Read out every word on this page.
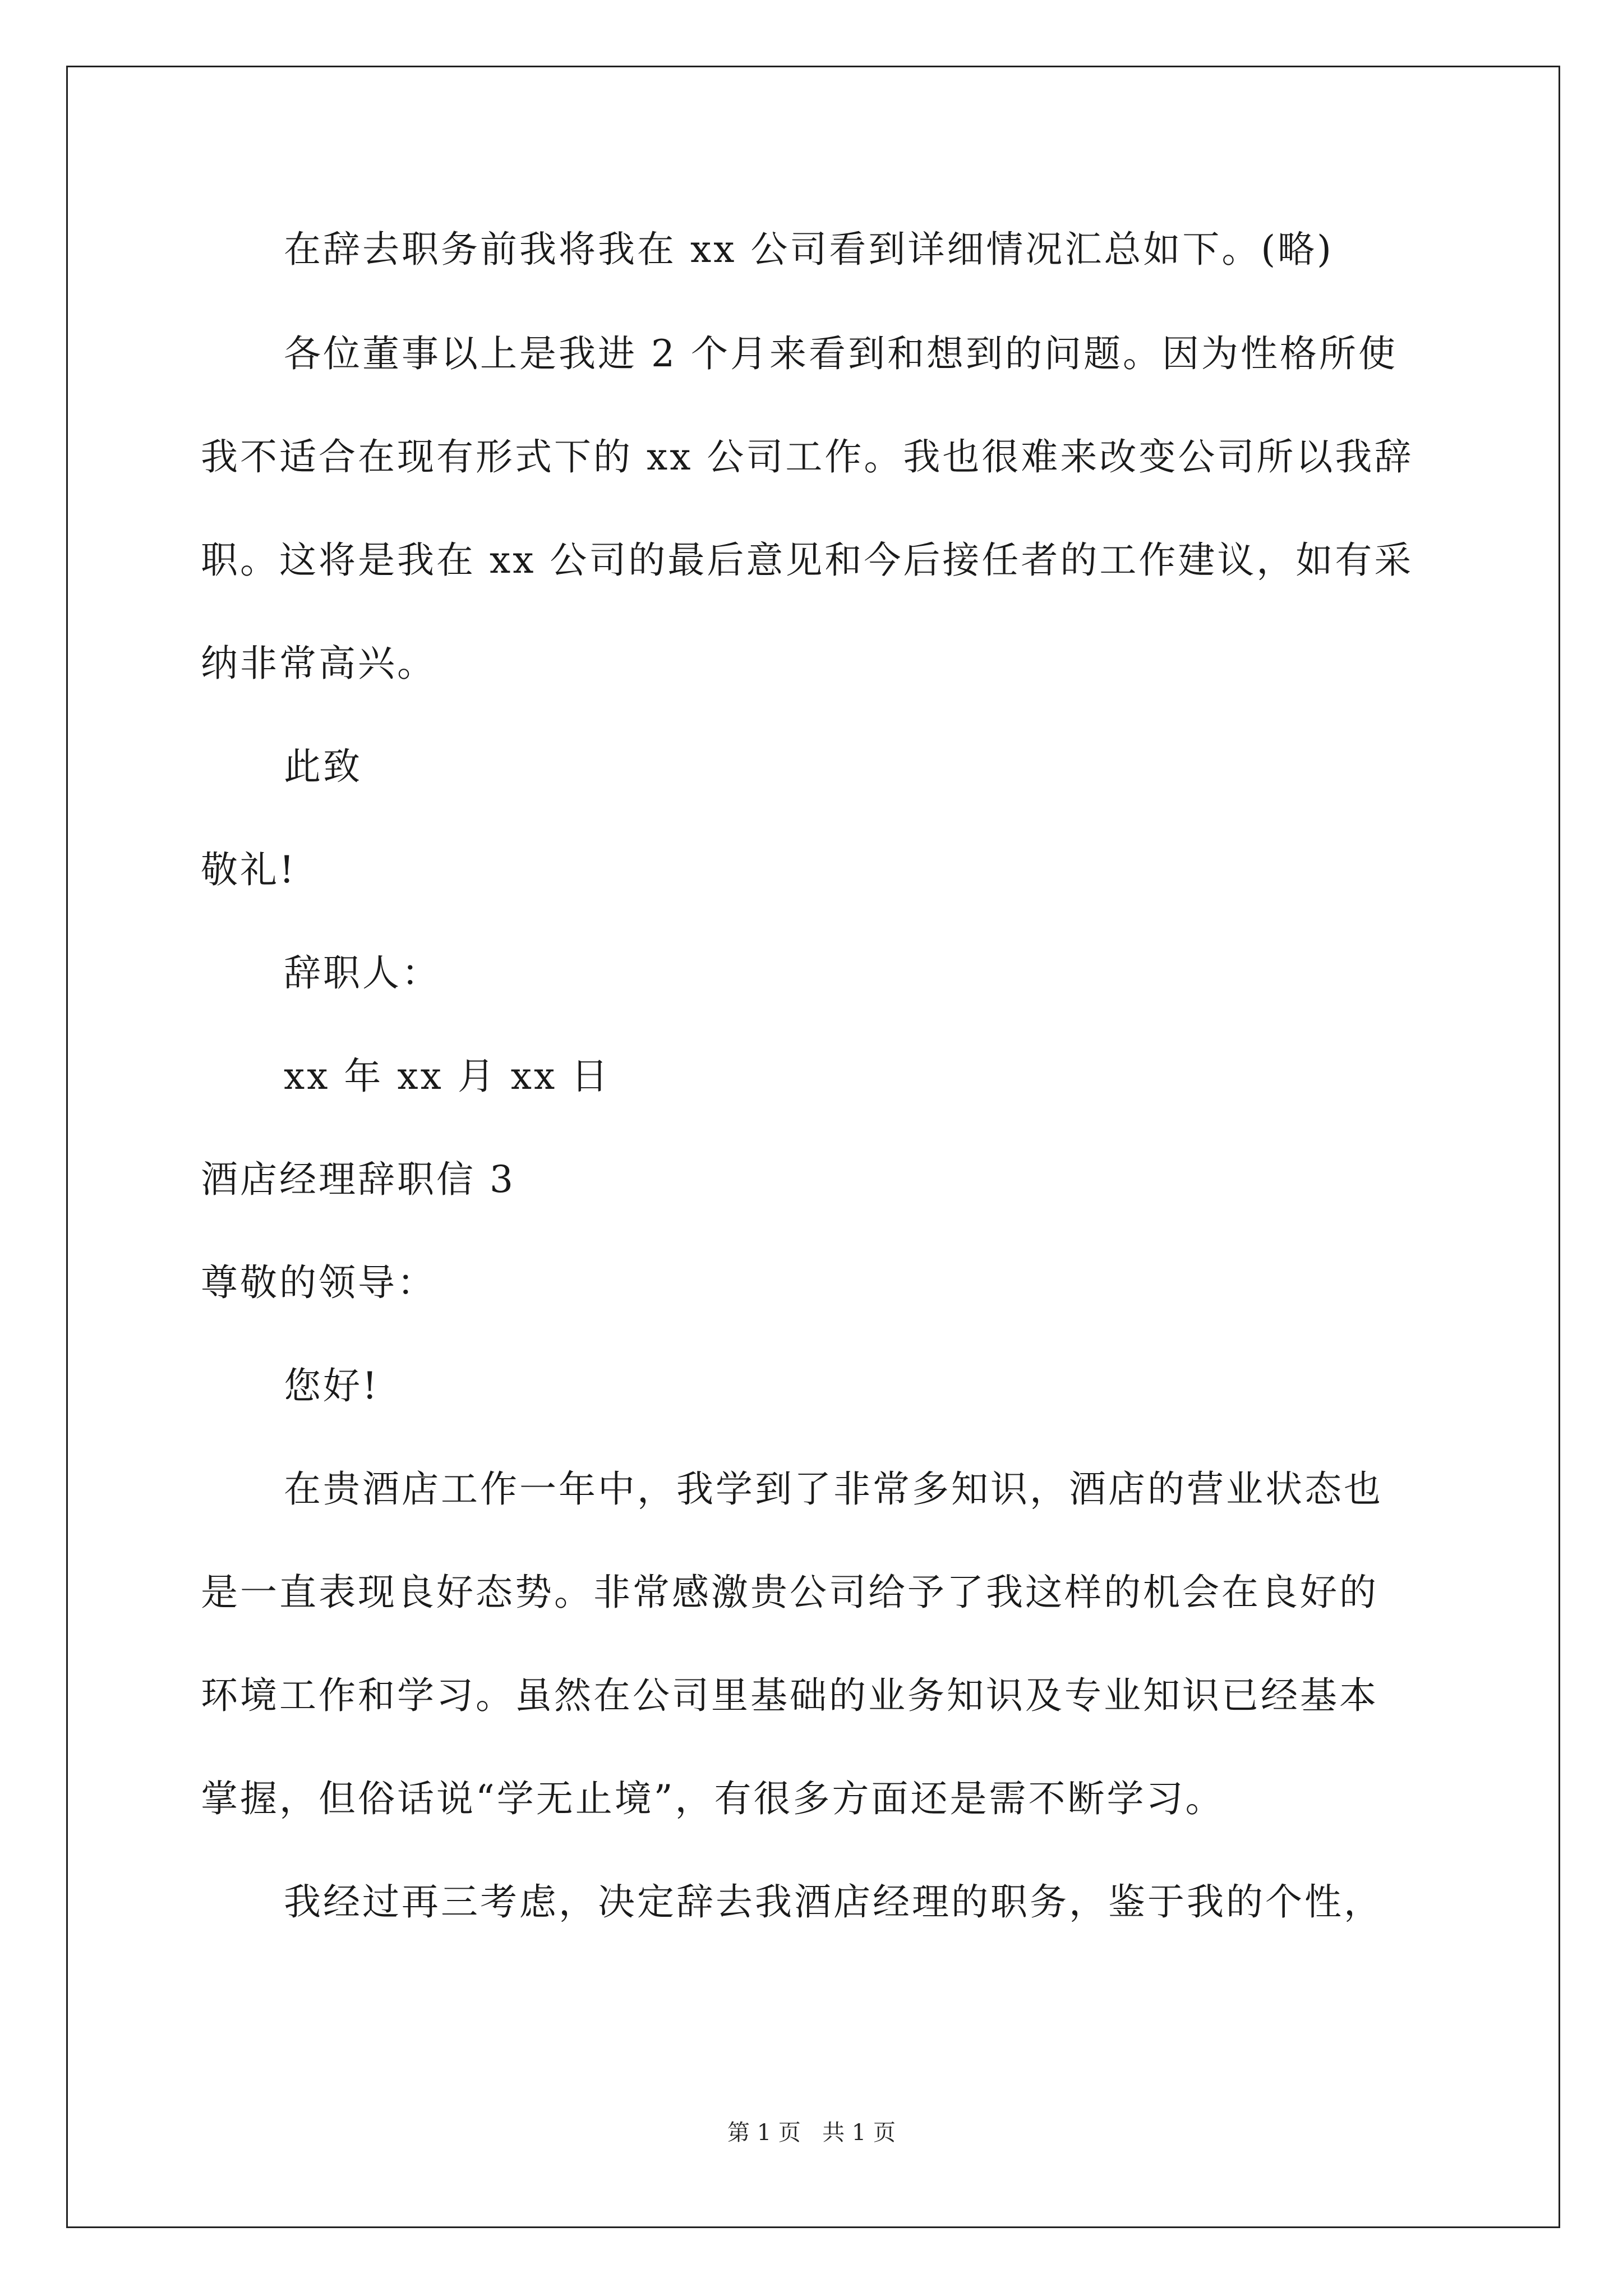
在辞去职务前我将我在 xx 公司看到详细情况汇总如下。(略)
各位董事以上是我进 2 个月来看到和想到的问题。因为性格所使
我不适合在现有形式下的 xx 公司工作。我也很难来改变公司所以我辞
职。这将是我在 xx 公司的最后意见和今后接任者的工作建议，如有采
纳非常高兴。
此致
敬礼!
辞职人：
xx 年 xx 月 xx 日
酒店经理辞职信 3
尊敬的领导：
您好!
在贵酒店工作一年中，我学到了非常多知识，酒店的营业状态也
是一直表现良好态势。非常感激贵公司给予了我这样的机会在良好的
环境工作和学习。虽然在公司里基础的业务知识及专业知识已经基本
掌握，但俗话说“学无止境”，有很多方面还是需不断学习。
我经过再三考虑，决定辞去我酒店经理的职务，鉴于我的个性，
第 1 页   共 1 页
